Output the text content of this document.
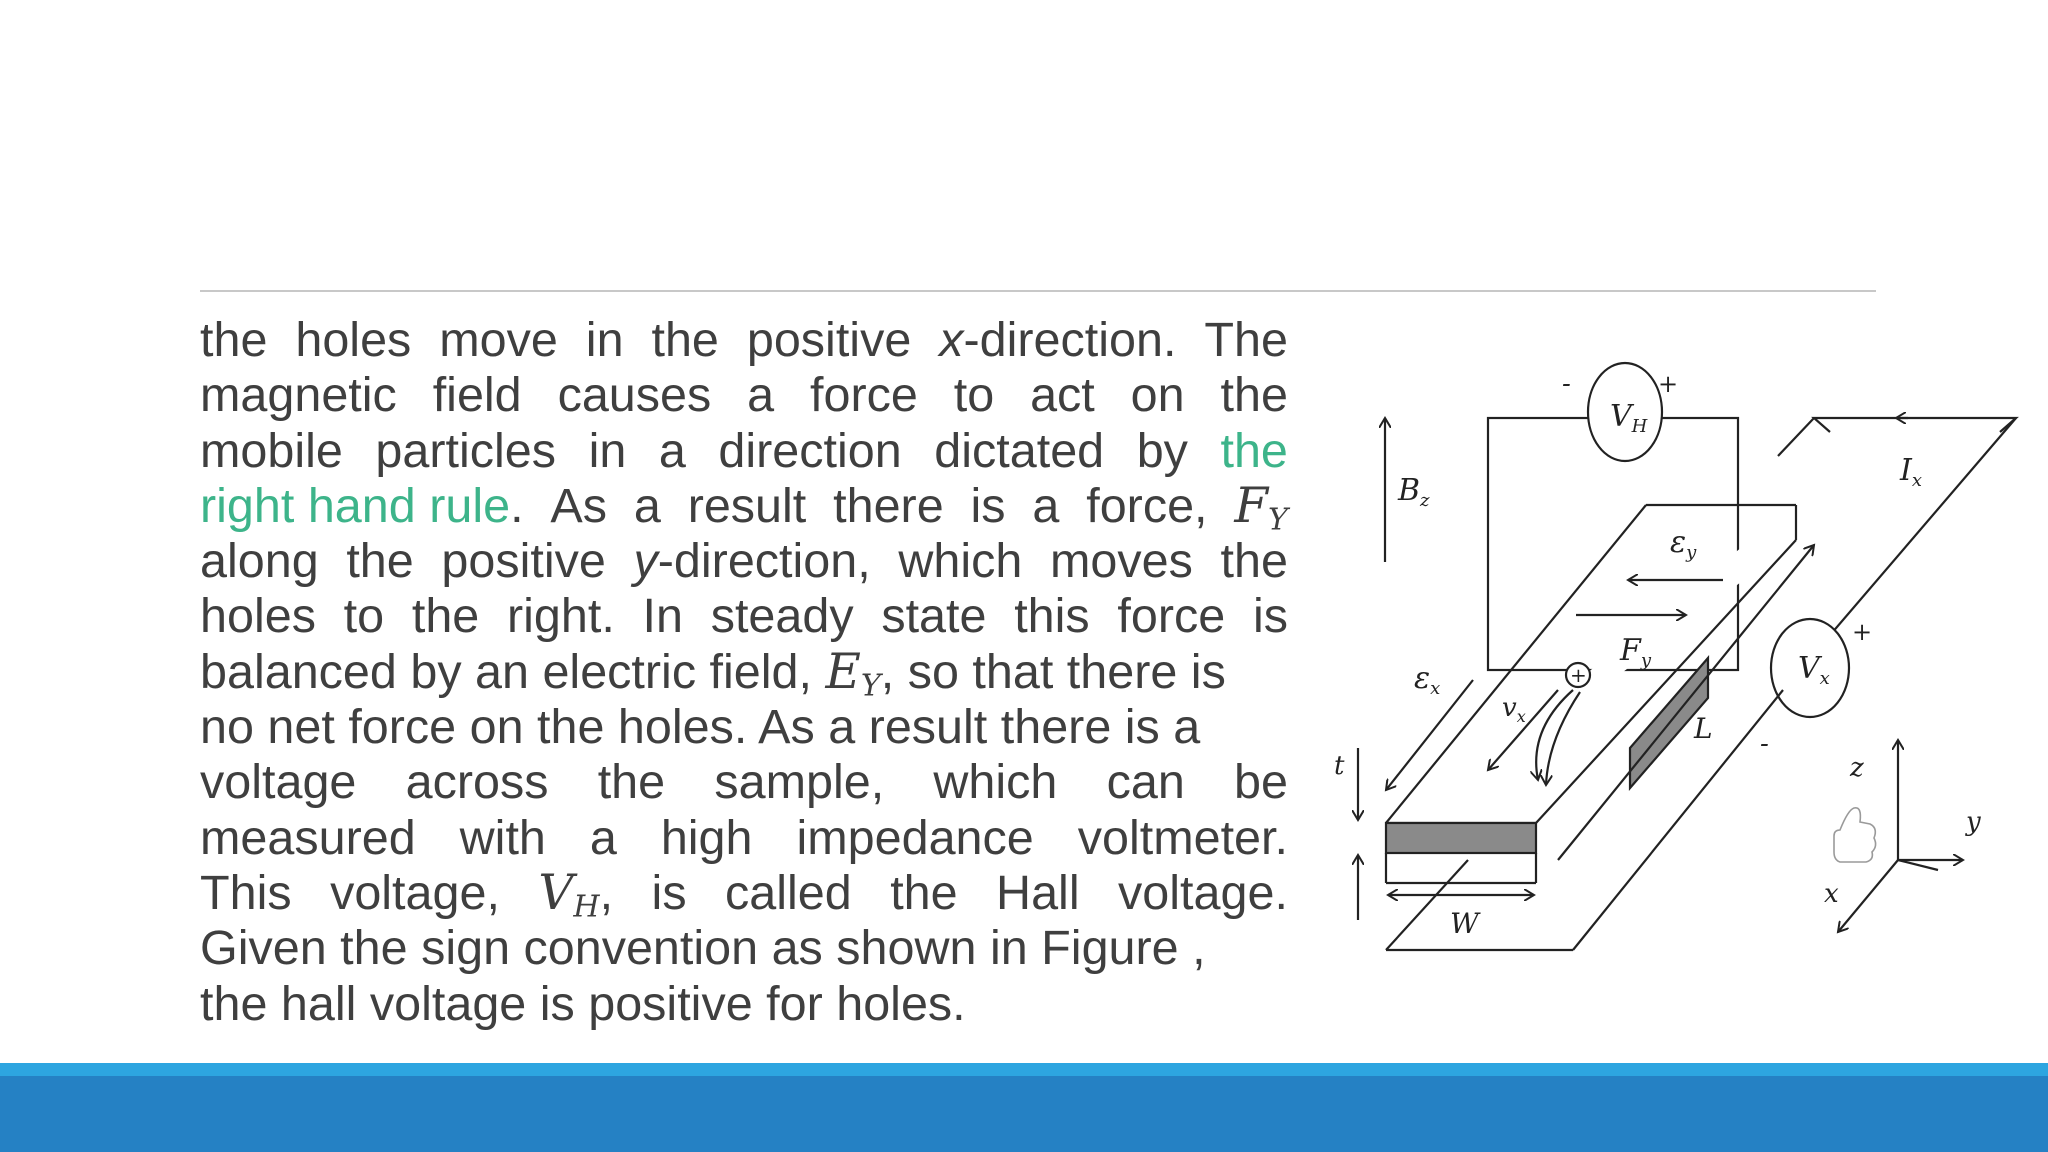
the holes move in the positive x-direction. The
magnetic field causes a force to act on the
mobile particles in a direction dictated by the
right hand rule. As a result there is a force, $F_Y$
along the positive y-direction, which moves the
holes to the right. In steady state this force is
balanced by an electric field, $E_Y$, so that there is
no net force on the holes. As a result there is a
voltage across the sample, which can be
measured with a high impedance voltmeter.
This voltage, $V_H$, is called the Hall voltage.
Given the sign convention as shown in Figure ,
the hall voltage is positive for holes.
$V_H$
-	+
$B_z$
$I_x$
$\varepsilon_y$
$F_y$	$V_x$
+
-
$\varepsilon_x$
$v_x$
+
L
W
t	z
y
x
